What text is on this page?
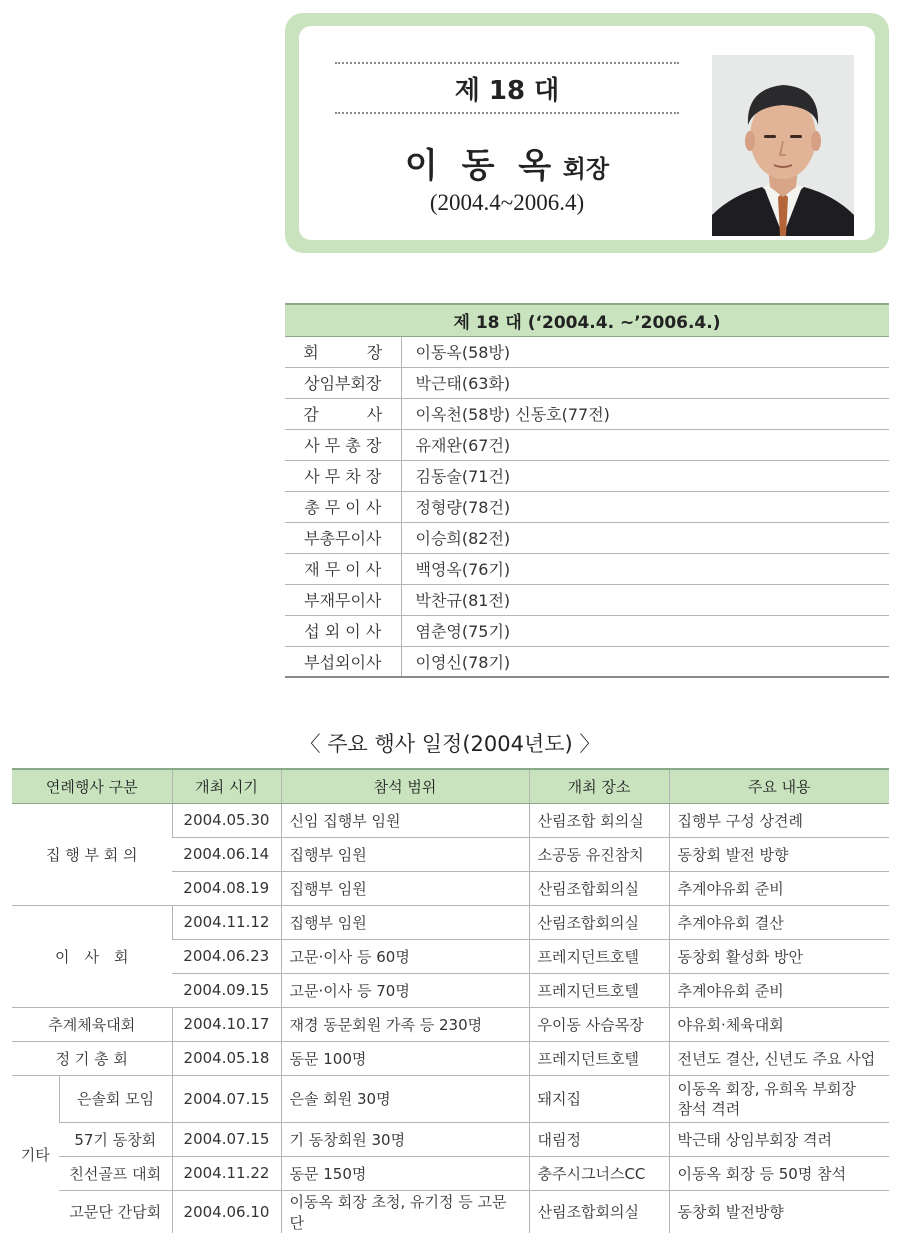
제 18 대
이 동 옥 회장
(2004.4~2006.4)
제 18 대 (‘2004.4. ~’2006.4.)	
회　　　장	이동옥(58방)
상임부회장	박근태(63화)
감　　　사	이옥천(58방) 신동호(77전)
사 무 총 장	유재완(67건)
사 무 차 장	김동술(71건)
총 무 이 사	정형량(78건)
부총무이사	이승희(82전)
재 무 이 사	백영옥(76기)
부재무이사	박찬규(81전)
섭 외 이 사	염춘영(75기)
부섭외이사	이영신(78기)
〈 주요 행사 일정(2004년도) 〉
연례행사 구분		개최 시기	참석 범위	개최 장소	주요 내용
집 행 부 회 의		2004.05.30	신임 집행부 임원	산림조합 회의실	집행부 구성 상견례
		2004.06.14	집행부 임원	소공동 유진참치	동창회 발전 방향
		2004.08.19	집행부 임원	산림조합회의실	추계야유회 준비
이　사　회		2004.11.12	집행부 임원	산림조합회의실	추계야유회 결산
		2004.06.23	고문·이사 등 60명	프레지던트호텔	동창회 활성화 방안
		2004.09.15	고문·이사 등 70명	프레지던트호텔	추계야유회 준비
추계체육대회		2004.10.17	재경 동문회원 가족 등 230명	우이동 사슴목장	야유회·체육대회
정 기 총 회		2004.05.18	동문 100명	프레지던트호텔	전년도 결산, 신년도 주요 사업
기타	은솔회 모임	2004.07.15	은솔 회원 30명	돼지집	이동옥 회장, 유희옥 부회장
참석 격려

	57기 동창회	2004.07.15	기 동창회원 30명	대림정	박근태 상임부회장 격려
	친선골프 대회	2004.11.22	동문 150명	충주시그너스CC	이동옥 회장 등 50명 참석
	고문단 간담회	2004.06.10	이동옥 회장 초청, 유기정 등 고문단	산림조합회의실	동창회 발전방향
